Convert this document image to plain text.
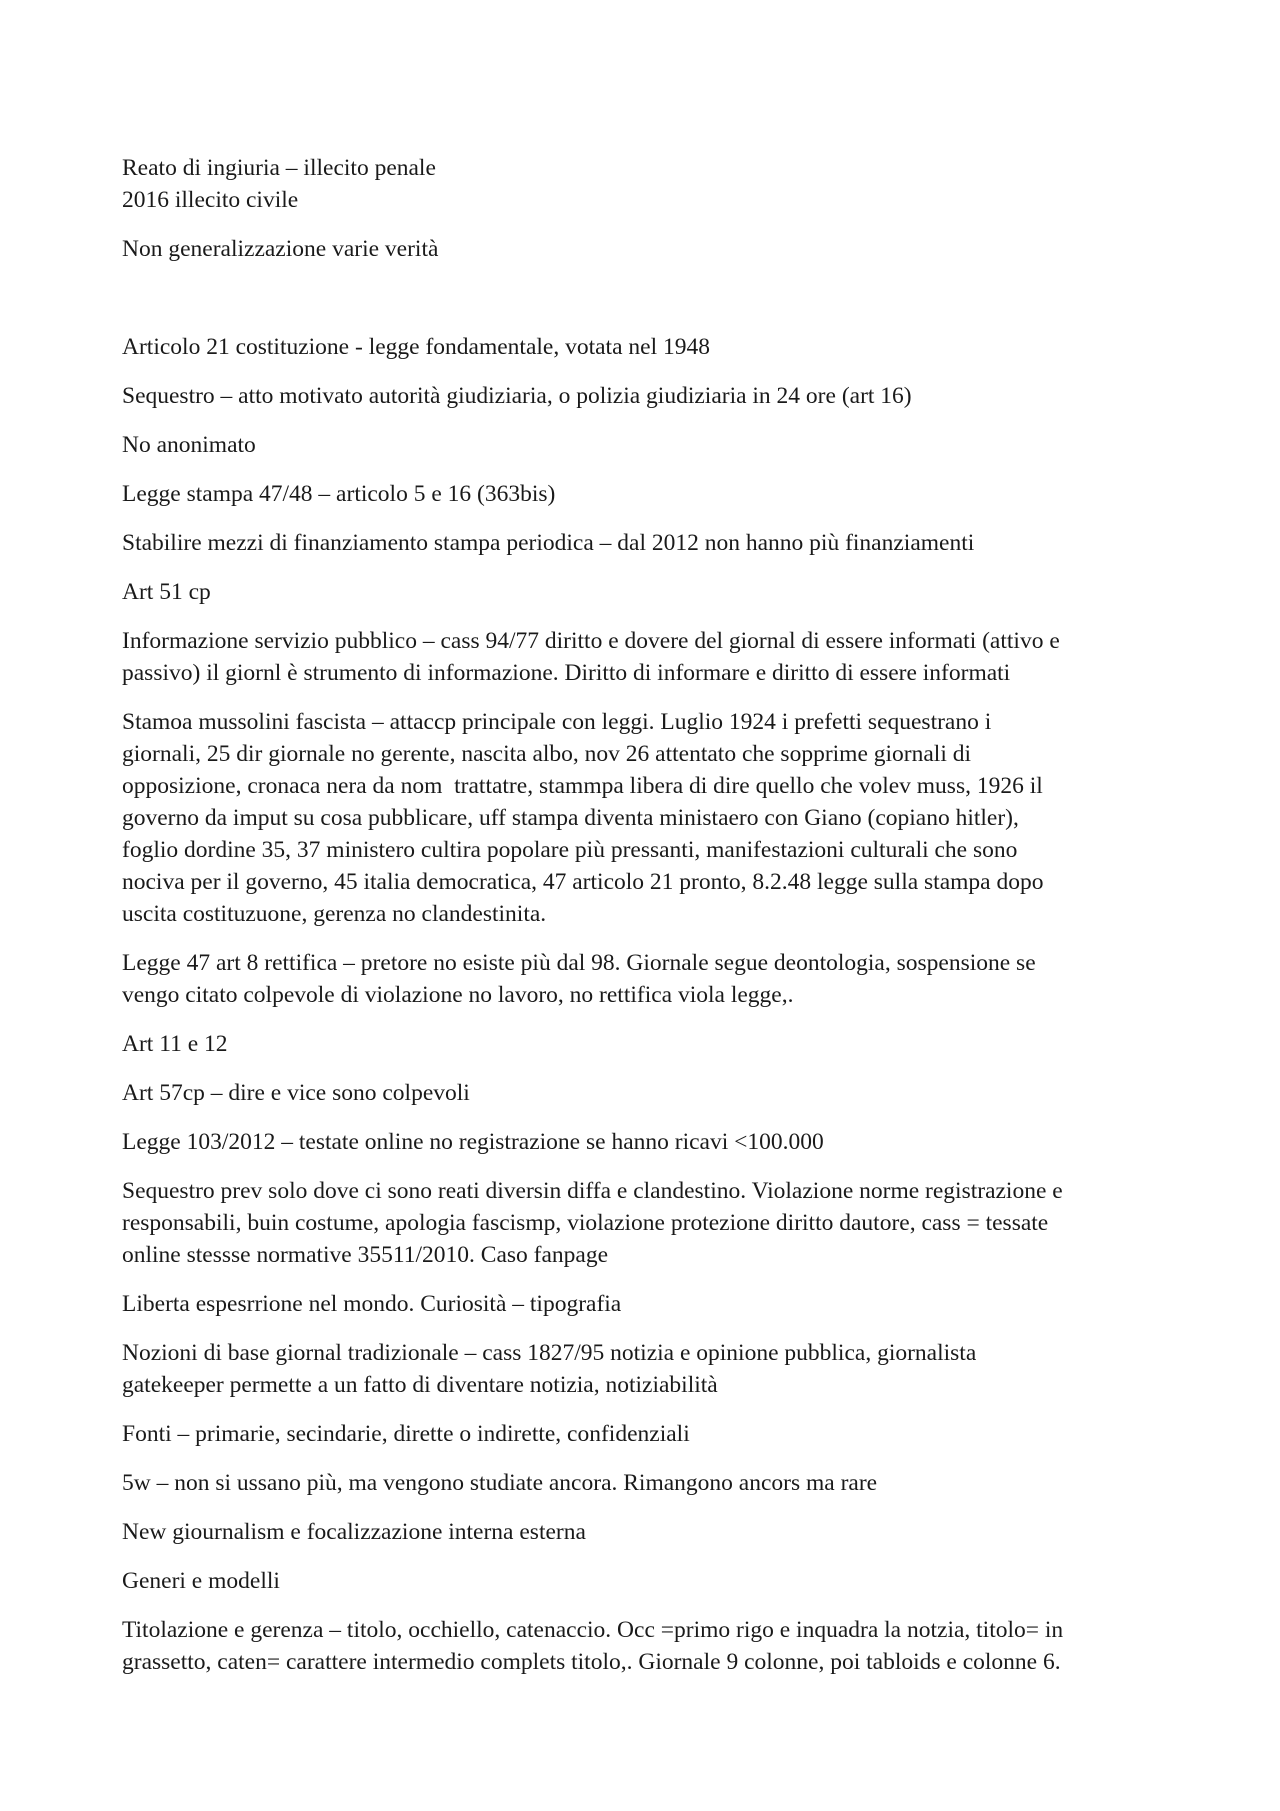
Reato di ingiuria – illecito penale
2016 illecito civile
Non generalizzazione varie verità
Articolo 21 costituzione - legge fondamentale, votata nel 1948
Sequestro – atto motivato autorità giudiziaria, o polizia giudiziaria in 24 ore (art 16)
No anonimato
Legge stampa 47/48 – articolo 5 e 16 (363bis)
Stabilire mezzi di finanziamento stampa periodica – dal 2012 non hanno più finanziamenti
Art 51 cp
Informazione servizio pubblico – cass 94/77 diritto e dovere del giornal di essere informati (attivo e
passivo) il giornl è strumento di informazione. Diritto di informare e diritto di essere informati
Stamoa mussolini fascista – attaccp principale con leggi. Luglio 1924 i prefetti sequestrano i
giornali, 25 dir giornale no gerente, nascita albo, nov 26 attentato che sopprime giornali di
opposizione, cronaca nera da nom  trattatre, stammpa libera di dire quello che volev muss, 1926 il
governo da imput su cosa pubblicare, uff stampa diventa ministaero con Giano (copiano hitler),
foglio dordine 35, 37 ministero cultira popolare più pressanti, manifestazioni culturali che sono
nociva per il governo, 45 italia democratica, 47 articolo 21 pronto, 8.2.48 legge sulla stampa dopo
uscita costituzuone, gerenza no clandestinita.
Legge 47 art 8 rettifica – pretore no esiste più dal 98. Giornale segue deontologia, sospensione se
vengo citato colpevole di violazione no lavoro, no rettifica viola legge,.
Art 11 e 12
Art 57cp – dire e vice sono colpevoli
Legge 103/2012 – testate online no registrazione se hanno ricavi <100.000
Sequestro prev solo dove ci sono reati diversin diffa e clandestino. Violazione norme registrazione e
responsabili, buin costume, apologia fascismp, violazione protezione diritto dautore, cass = tessate
online stessse normative 35511/2010. Caso fanpage
Liberta espesrrione nel mondo. Curiosità – tipografia
Nozioni di base giornal tradizionale – cass 1827/95 notizia e opinione pubblica, giornalista
gatekeeper permette a un fatto di diventare notizia, notiziabilità
Fonti – primarie, secindarie, dirette o indirette, confidenziali
5w – non si ussano più, ma vengono studiate ancora. Rimangono ancors ma rare
New giournalism e focalizzazione interna esterna
Generi e modelli
Titolazione e gerenza – titolo, occhiello, catenaccio. Occ =primo rigo e inquadra la notzia, titolo= in
grassetto, caten= carattere intermedio complets titolo,. Giornale 9 colonne, poi tabloids e colonne 6.
